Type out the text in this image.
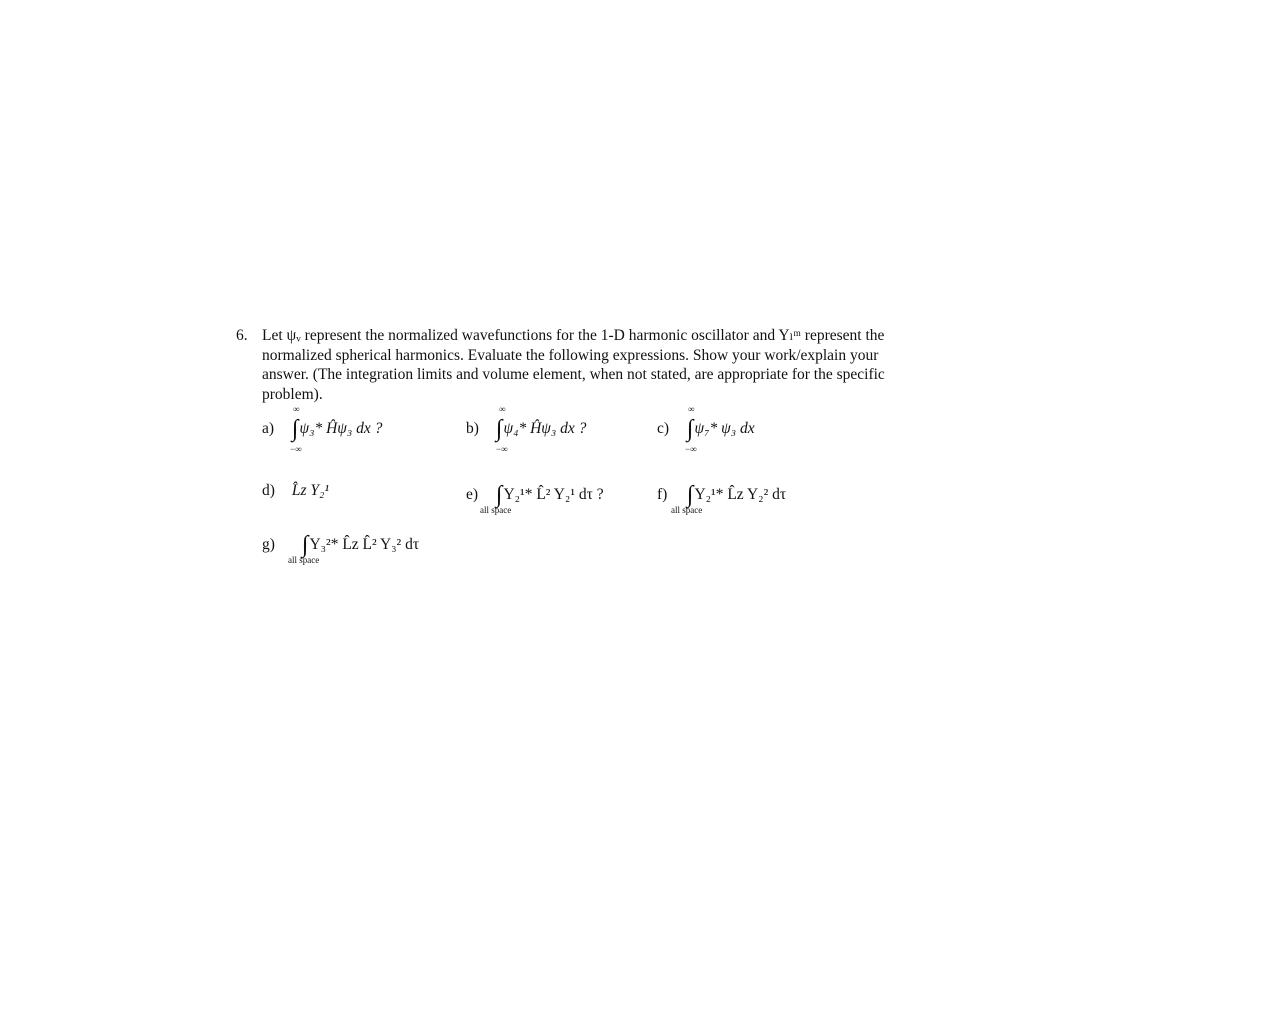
6. Let ψᵥ represent the normalized wavefunctions for the 1-D harmonic oscillator and Yₗᵐ represent the
normalized spherical harmonics. Evaluate the following expressions. Show your work/explain your
answer. (The integration limits and volume element, when not stated, are appropriate for the specific
problem).
∞
a) ∫ψ₃* Ĥψ₃ dx ?
−∞
∞
b) ∫ψ₄* Ĥψ₃ dx ?
−∞
∞
c) ∫ψ₇* ψ₃ dx
−∞
d) L̂z Y₂¹	e) ∫Y₂¹* L̂² Y₂¹ dτ ?
all space
f) ∫Y₂¹* L̂z Y₂² dτ
all space
g) ∫Y₃²* L̂z L̂² Y₃² dτ
all space
